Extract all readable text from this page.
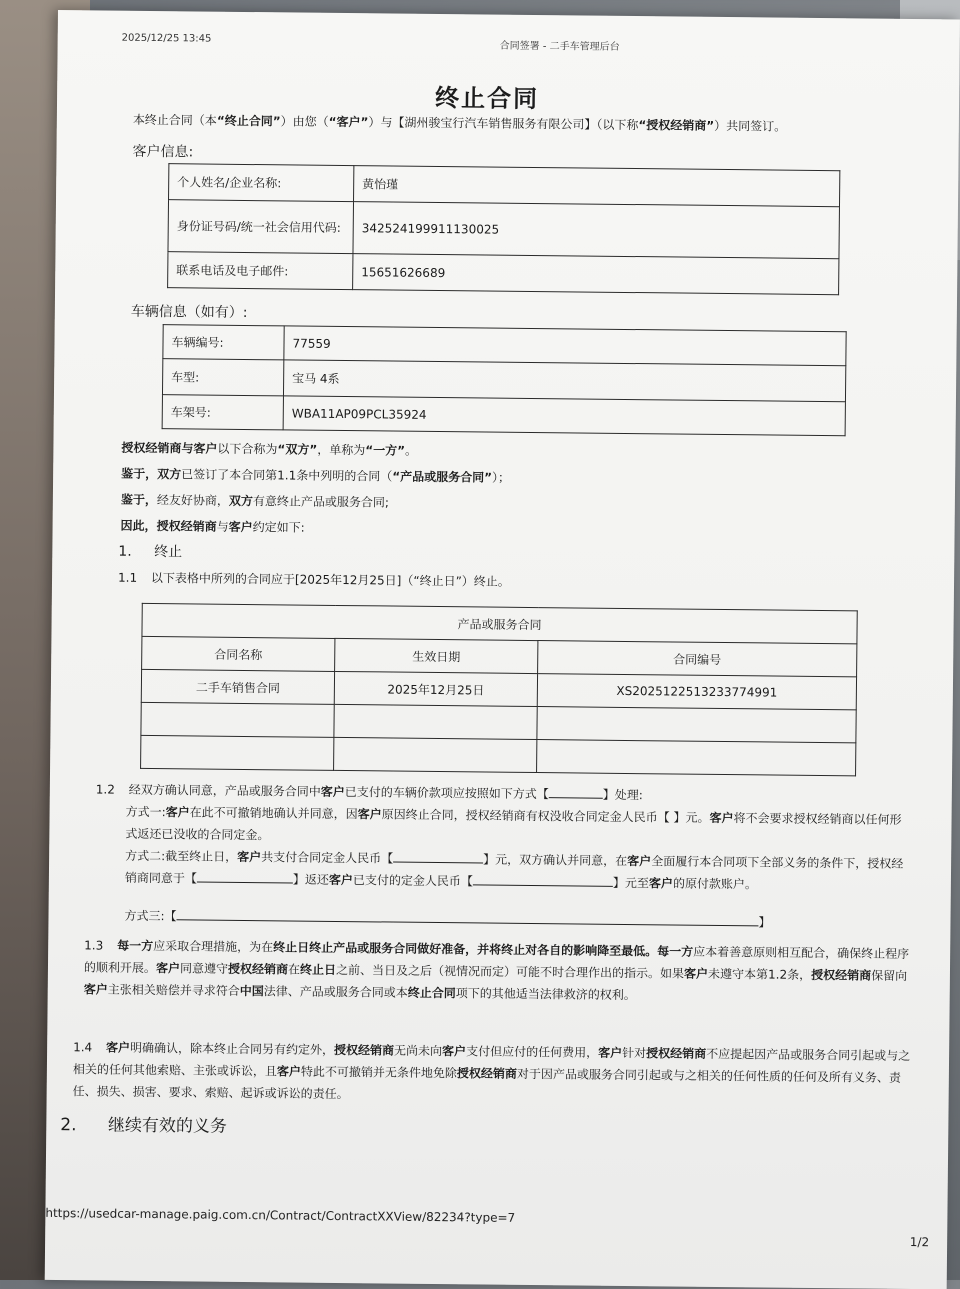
2025/12/25 13:45
合同签署 - 二手车管理后台
终止合同
本终止合同（本“终止合同”）由您（“客户”）与【湖州骏宝行汽车销售服务有限公司】（以下称“授权经销商”）共同签订。
客户信息:
个人姓名/企业名称:	黄怡瑾
身份证号码/统一社会信用代码:	342524199911130025
联系电话及电子邮件:	15651626689
车辆信息（如有）:
车辆编号:	77559
车型:	宝马 4系
车架号:	WBA11AP09PCL35924
授权经销商与客户以下合称为“双方”，单称为“一方”。
鉴于，双方已签订了本合同第1.1条中列明的合同（“产品或服务合同”）；
鉴于，经友好协商，双方有意终止产品或服务合同;
因此，授权经销商与客户约定如下:
1. 终止
1.1 以下表格中所列的合同应于[2025年12月25日]（“终止日”）终止。
产品或服务合同		
合同名称	生效日期	合同编号
二手车销售合同	2025年12月25日	XS2025122513233774991

1.2 经双方确认同意，产品或服务合同中客户已支付的车辆价款项应按照如下方式【	】处理:
方式一:客户在此不可撤销地确认并同意，因客户原因终止合同，授权经销商有权没收合同定金人民币【 】元。客户将不会要求授权经销商以任何形式返还已没收的合同定金。
方式二:截至终止日，客户共支付合同定金人民币【	】元，双方确认并同意，在客户全面履行本合同项下全部义务的条件下，授权经销商同意于【	】返还客户已支付的定金人民币【	】元至客户的原付款账户。
方式三:【	】
1.3 每一方应采取合理措施，为在终止日终止产品或服务合同做好准备，并将终止对各自的影响降至最低。每一方应本着善意原则相互配合，确保终止程序的顺利开展。客户同意遵守授权经销商在终止日之前、当日及之后（视情况而定）可能不时合理作出的指示。如果客户未遵守本第1.2条，授权经销商保留向客户主张相关赔偿并寻求符合中国法律、产品或服务合同或本终止合同项下的其他适当法律救济的权利。
1.4 客户明确确认，除本终止合同另有约定外，授权经销商无尚未向客户支付但应付的任何费用，客户针对授权经销商不应提起因产品或服务合同引起或与之相关的任何其他索赔、主张或诉讼，且客户特此不可撤销并无条件地免除授权经销商对于因产品或服务合同引起或与之相关的任何性质的任何及所有义务、责任、损失、损害、要求、索赔、起诉或诉讼的责任。
2. 继续有效的义务
https://usedcar-manage.paig.com.cn/Contract/ContractXXView/82234?type=7
1/2
